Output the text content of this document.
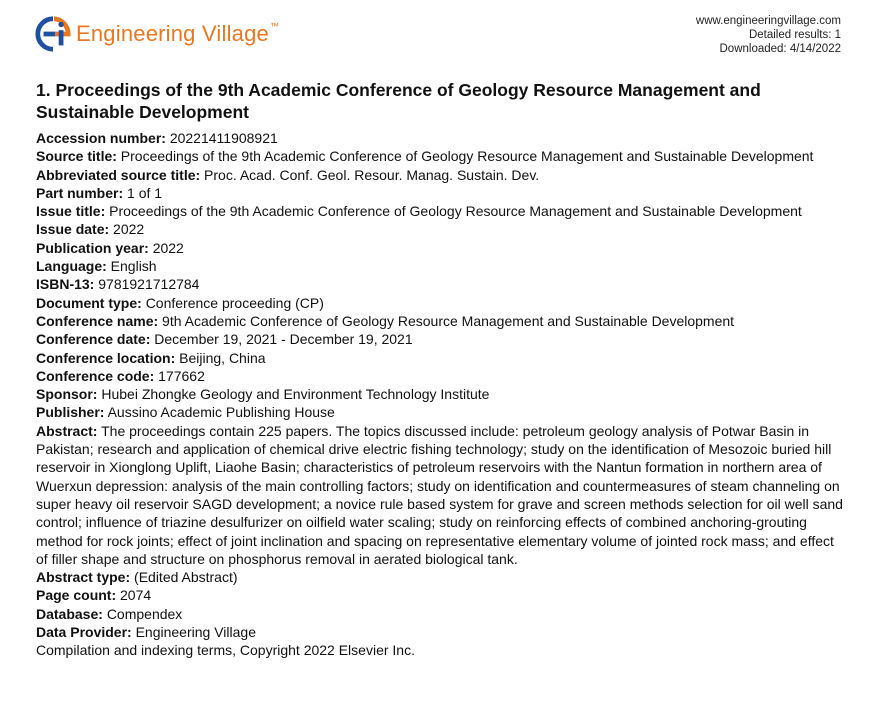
Engineering Village™	www.engineeringvillage.com
Detailed results: 1
Downloaded: 4/14/2022
1. Proceedings of the 9th Academic Conference of Geology Resource Management and Sustainable Development
Accession number: 20221411908921
Source title: Proceedings of the 9th Academic Conference of Geology Resource Management and Sustainable Development
Abbreviated source title: Proc. Acad. Conf. Geol. Resour. Manag. Sustain. Dev.
Part number: 1 of 1
Issue title: Proceedings of the 9th Academic Conference of Geology Resource Management and Sustainable Development
Issue date: 2022
Publication year: 2022
Language: English
ISBN-13: 9781921712784
Document type: Conference proceeding (CP)
Conference name: 9th Academic Conference of Geology Resource Management and Sustainable Development
Conference date: December 19, 2021 - December 19, 2021
Conference location: Beijing, China
Conference code: 177662
Sponsor: Hubei Zhongke Geology and Environment Technology Institute
Publisher: Aussino Academic Publishing House
Abstract: The proceedings contain 225 papers. The topics discussed include: petroleum geology analysis of Potwar Basin in Pakistan; research and application of chemical drive electric fishing technology; study on the identification of Mesozoic buried hill reservoir in Xionglong Uplift, Liaohe Basin; characteristics of petroleum reservoirs with the Nantun formation in northern area of Wuerxun depression: analysis of the main controlling factors; study on identification and countermeasures of steam channeling on super heavy oil reservoir SAGD development; a novice rule based system for grave and screen methods selection for oil well sand control; influence of triazine desulfurizer on oilfield water scaling; study on reinforcing effects of combined anchoring-grouting method for rock joints; effect of joint inclination and spacing on representative elementary volume of jointed rock mass; and effect of filler shape and structure on phosphorus removal in aerated biological tank.
Abstract type: (Edited Abstract)
Page count: 2074
Database: Compendex
Data Provider: Engineering Village
Compilation and indexing terms, Copyright 2022 Elsevier Inc.
